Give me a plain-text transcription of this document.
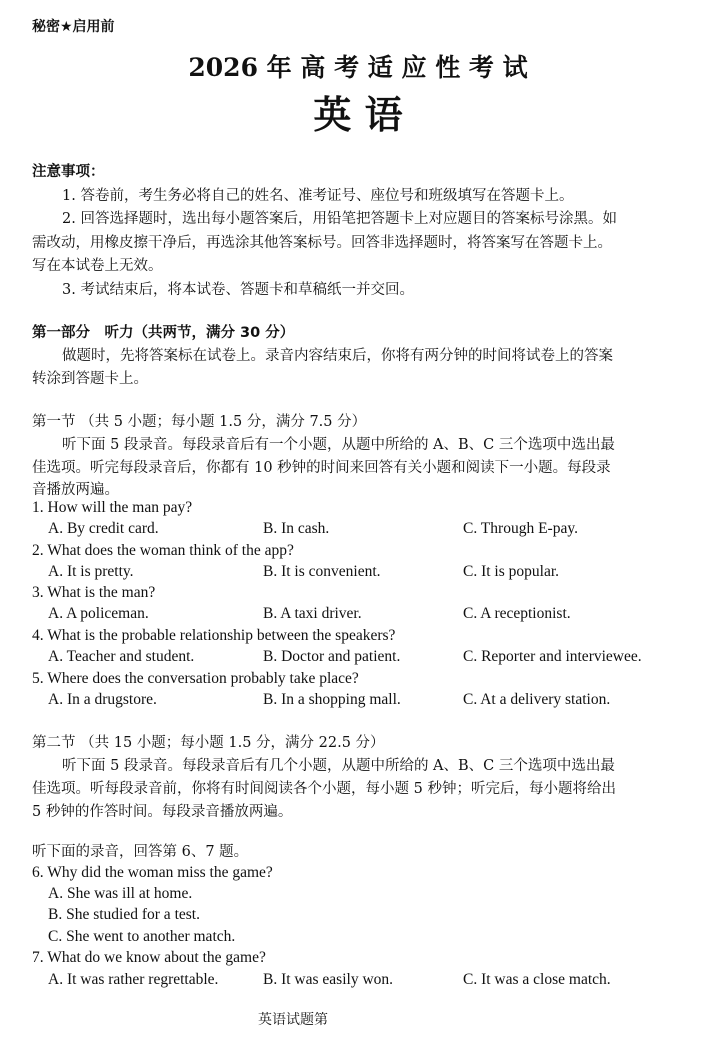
秘密★启用前
2026 年 高 考 适 应 性 考 试
英 语
注意事项：
1. 答卷前，考生务必将自己的姓名、准考证号、座位号和班级填写在答题卡上。
2. 回答选择题时，选出每小题答案后，用铅笔把答题卡上对应题目的答案标号涂黑。如
需改动，用橡皮擦干净后，再选涂其他答案标号。回答非选择题时，将答案写在答题卡上。
写在本试卷上无效。
3. 考试结束后，将本试卷、答题卡和草稿纸一并交回。
第一部分　听力（共两节，满分 30 分）
做题时，先将答案标在试卷上。录音内容结束后，你将有两分钟的时间将试卷上的答案
转涂到答题卡上。
第一节 （共 5 小题；每小题 1.5 分，满分 7.5 分）
听下面 5 段录音。每段录音后有一个小题，从题中所给的 A、B、C 三个选项中选出最
佳选项。听完每段录音后，你都有 10 秒钟的时间来回答有关小题和阅读下一小题。每段录
音播放两遍。
1. How will the man pay?
A. By credit card.	B. In cash.	C. Through E-pay.
2. What does the woman think of the app?
A. It is pretty.	B. It is convenient.	C. It is popular.
3. What is the man?
A. A policeman.	B. A taxi driver.	C. A receptionist.
4. What is the probable relationship between the speakers?
A. Teacher and student.	B. Doctor and patient.	C. Reporter and interviewee.
5. Where does the conversation probably take place?
A. In a drugstore.	B. In a shopping mall.	C. At a delivery station.
第二节 （共 15 小题；每小题 1.5 分，满分 22.5 分）
听下面 5 段录音。每段录音后有几个小题，从题中所给的 A、B、C 三个选项中选出最
佳选项。听每段录音前，你将有时间阅读各个小题，每小题 5 秒钟；听完后，每小题将给出
5 秒钟的作答时间。每段录音播放两遍。
听下面的录音，回答第 6、7 题。
6. Why did the woman miss the game?
A. She was ill at home.
B. She studied for a test.
C. She went to another match.
7. What do we know about the game?
A. It was rather regrettable.	B. It was easily won.	C. It was a close match.
英语试题第
